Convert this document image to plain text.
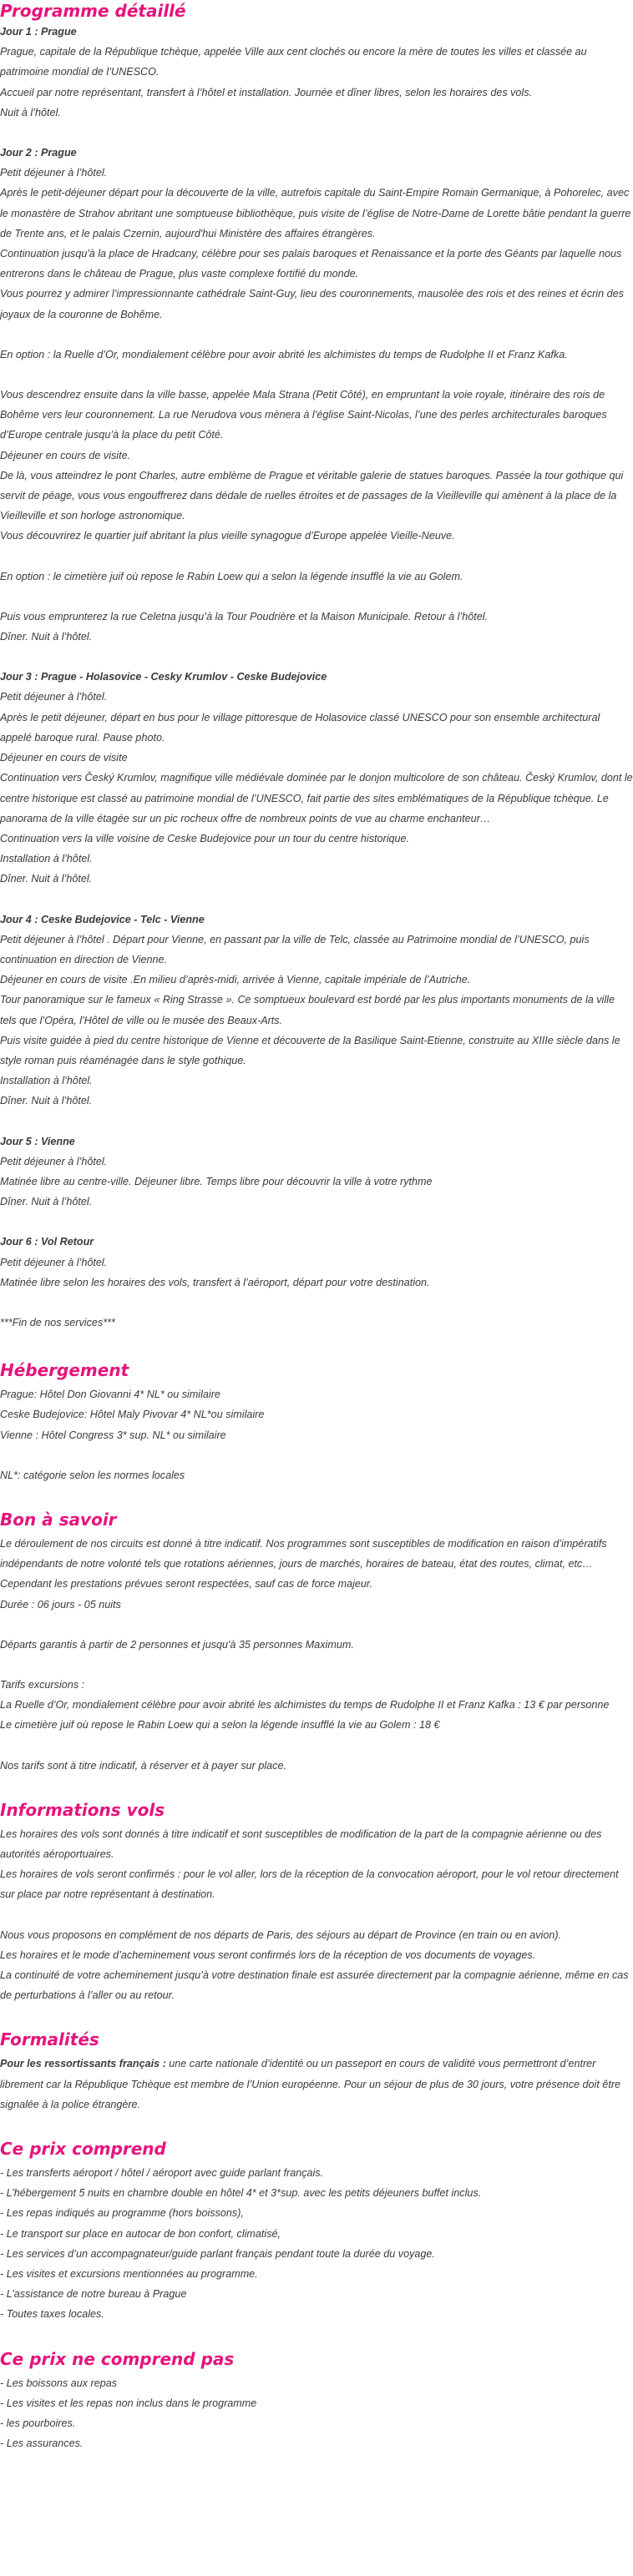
Programme détaillé

Jour 1 : Prague

Prague, capitale de la République tchèque, appelée Ville aux cent clochés ou encore la mère de toutes les villes et classée au patrimoine mondial de l’UNESCO.

Accueil par notre représentant, transfert à l’hôtel et installation. Journée et dîner libres, selon les horaires des vols.

Nuit à l’hôtel.

Jour 2 : Prague

Petit déjeuner à l’hôtel.

Après le petit-déjeuner départ pour la découverte de la ville, autrefois capitale du Saint-Empire Romain Germanique, à Pohorelec, avec le monastère de Strahov abritant une somptueuse bibliothèque, puis visite de l’église de Notre-Dame de Lorette bâtie pendant la guerre de Trente ans, et le palais Czernin, aujourd'hui Ministère des affaires étrangères.

Continuation jusqu'à la place de Hradcany, célèbre pour ses palais baroques et Renaissance et la porte des Géants par laquelle nous entrerons dans le château de Prague, plus vaste complexe fortifié du monde.

Vous pourrez y admirer l’impressionnante cathédrale Saint-Guy, lieu des couronnements, mausolée des rois et des reines et écrin des joyaux de la couronne de Bohême.

En option : la Ruelle d’Or, mondialement célèbre pour avoir abrité les alchimistes du temps de Rudolphe II et Franz Kafka.

Vous descendrez ensuite dans la ville basse, appelée Mala Strana (Petit Côté), en empruntant la voie royale, itinéraire des rois de Bohême vers leur couronnement. La rue Nerudova vous mènera à l’église Saint-Nicolas, l’une des perles architecturales baroques d’Europe centrale jusqu’à la place du petit Côté.

Déjeuner en cours de visite.

De là, vous atteindrez le pont Charles, autre emblème de Prague et véritable galerie de statues baroques. Passée la tour gothique qui servit de péage, vous vous engouffrerez dans dédale de ruelles étroites et de passages de la Vieilleville qui amènent à la place de la Vieilleville et son horloge astronomique.

Vous découvrirez le quartier juif abritant la plus vieille synagogue d’Europe appelée Vieille-Neuve.

En option : le cimetière juif où repose le Rabin Loew qui a selon la légende insufflé la vie au Golem.

Puis vous emprunterez la rue Celetna jusqu’à la Tour Poudrière et la Maison Municipale. Retour à l’hôtel.

Dîner. Nuit à l’hôtel.

Jour 3 : Prague - Holasovice - Cesky Krumlov - Ceske Budejovice

Petit déjeuner à l’hôtel.

Après le petit déjeuner, départ en bus pour le village pittoresque de Holasovice classé UNESCO pour son ensemble architectural appelé baroque rural. Pause photo.

Déjeuner en cours de visite

Continuation vers Český Krumlov, magnifique ville médiévale dominée par le donjon multicolore de son château. Český Krumlov, dont le centre historique est classé au patrimoine mondial de l’UNESCO, fait partie des sites emblématiques de la République tchèque. Le panorama de la ville étagée sur un pic rocheux offre de nombreux points de vue au charme enchanteur…

Continuation vers la ville voisine de Ceske Budejovice pour un tour du centre historique.

Installation à l’hôtel.

Dîner. Nuit à l’hôtel.

Jour 4 : Ceske Budejovice - Telc - Vienne

Petit déjeuner à l’hôtel . Départ pour Vienne, en passant par la ville de Telc, classée au Patrimoine mondial de l’UNESCO, puis continuation en direction de Vienne.

Déjeuner en cours de visite .En milieu d’après-midi, arrivée à Vienne, capitale impériale de l’Autriche.

Tour panoramique sur le fameux « Ring Strasse ». Ce somptueux boulevard est bordé par les plus importants monuments de la ville tels que l’Opéra, l’Hôtel de ville ou le musée des Beaux-Arts.

Puis visite guidée à pied du centre historique de Vienne et découverte de la Basilique Saint-Etienne, construite au XIIIe siècle dans le style roman puis réaménagée dans le style gothique.

Installation à l’hôtel.

Dîner. Nuit à l’hôtel.

Jour 5 : Vienne

Petit déjeuner à l’hôtel.

Matinée libre au centre-ville. Déjeuner libre. Temps libre pour découvrir la ville à votre rythme

Dîner. Nuit à l’hôtel.

Jour 6 : Vol Retour

Petit déjeuner à l’hôtel.

Matinée libre selon les horaires des vols, transfert à l’aéroport, départ pour votre destination.

***Fin de nos services***

Hébergement

Prague: Hôtel Don Giovanni 4* NL* ou similaire

Ceske Budejovice: Hôtel Maly Pivovar 4* NL*ou similaire

Vienne : Hôtel Congress 3* sup. NL* ou similaire

NL*: catégorie selon les normes locales

Bon à savoir

Le déroulement de nos circuits est donné à titre indicatif. Nos programmes sont susceptibles de modification en raison d’impératifs indépendants de notre volonté tels que rotations aériennes, jours de marchés, horaires de bateau, état des routes, climat, etc… Cependant les prestations prévues seront respectées, sauf cas de force majeur.

Durée : 06 jours - 05 nuits

Départs garantis à partir de 2 personnes et jusqu'à 35 personnes Maximum.

Tarifs excursions :

La Ruelle d’Or, mondialement célèbre pour avoir abrité les alchimistes du temps de Rudolphe II et Franz Kafka : 13 € par personne

Le cimetière juif où repose le Rabin Loew qui a selon la légende insufflé la vie au Golem : 18 €

Nos tarifs sont à titre indicatif, à réserver et à payer sur place.

Informations vols

Les horaires des vols sont donnés à titre indicatif et sont susceptibles de modification de la part de la compagnie aérienne ou des autorités aéroportuaires.

Les horaires de vols seront confirmés : pour le vol aller, lors de la réception de la convocation aéroport, pour le vol retour directement sur place par notre représentant à destination.

Nous vous proposons en complément de nos départs de Paris, des séjours au départ de Province (en train ou en avion).

Les horaires et le mode d’acheminement vous seront confirmés lors de la réception de vos documents de voyages.

La continuité de votre acheminement jusqu’à votre destination finale est assurée directement par la compagnie aérienne, même en cas de perturbations à l’aller ou au retour.

Formalités

Pour les ressortissants français : une carte nationale d’identité ou un passeport en cours de validité vous permettront d’entrer librement car la République Tchèque est membre de l’Union européenne. Pour un séjour de plus de 30 jours, votre présence doit être signalée à la police étrangère.

Ce prix comprend

- Les transferts aéroport / hôtel / aéroport avec guide parlant français.

- L’hébergement 5 nuits en chambre double en hôtel 4* et 3*sup. avec les petits déjeuners buffet inclus.

- Les repas indiqués au programme (hors boissons),

- Le transport sur place en autocar de bon confort, climatisé,

- Les services d’un accompagnateur/guide parlant français pendant toute la durée du voyage.

- Les visites et excursions mentionnées au programme.

- L’assistance de notre bureau à Prague

- Toutes taxes locales.

Ce prix ne comprend pas

- Les boissons aux repas

- Les visites et les repas non inclus dans le programme

- les pourboires.

- Les assurances.
